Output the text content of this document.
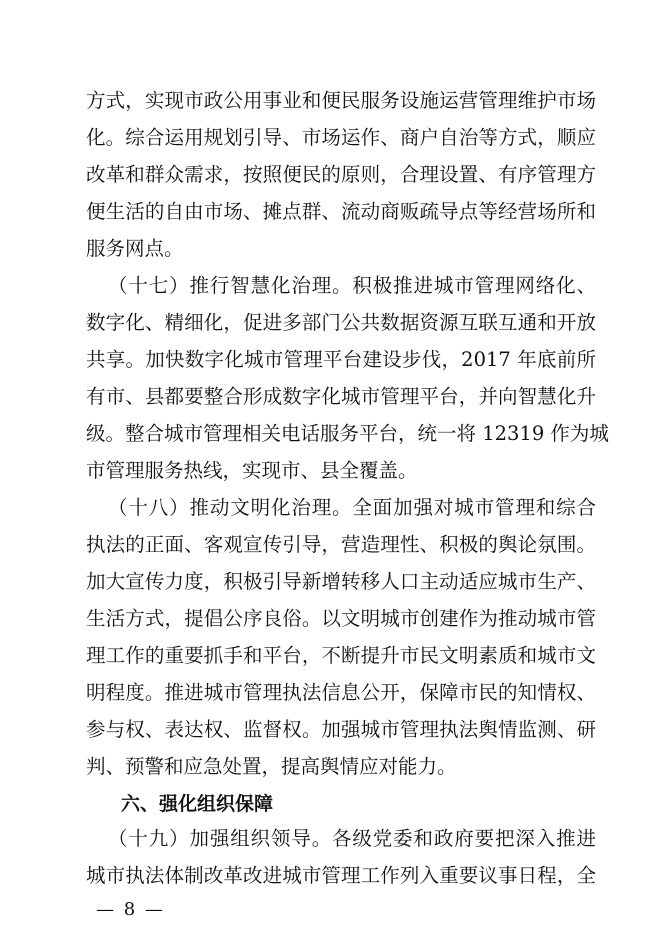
方式，实现市政公用事业和便民服务设施运营管理维护市场
化。综合运用规划引导、市场运作、商户自治等方式，顺应
改革和群众需求，按照便民的原则，合理设置、有序管理方
便生活的自由市场、摊点群、流动商贩疏导点等经营场所和
服务网点。
（十七）推行智慧化治理。积极推进城市管理网络化、
数字化、精细化，促进多部门公共数据资源互联互通和开放
共享。加快数字化城市管理平台建设步伐，2017 年底前所
有市、县都要整合形成数字化城市管理平台，并向智慧化升
级。整合城市管理相关电话服务平台，统一将 12319 作为城
市管理服务热线，实现市、县全覆盖。
（十八）推动文明化治理。全面加强对城市管理和综合
执法的正面、客观宣传引导，营造理性、积极的舆论氛围。
加大宣传力度，积极引导新增转移人口主动适应城市生产、
生活方式，提倡公序良俗。以文明城市创建作为推动城市管
理工作的重要抓手和平台，不断提升市民文明素质和城市文
明程度。推进城市管理执法信息公开，保障市民的知情权、
参与权、表达权、监督权。加强城市管理执法舆情监测、研
判、预警和应急处置，提高舆情应对能力。
六、强化组织保障
（十九）加强组织领导。各级党委和政府要把深入推进
城市执法体制改革改进城市管理工作列入重要议事日程，全
— 8 —
